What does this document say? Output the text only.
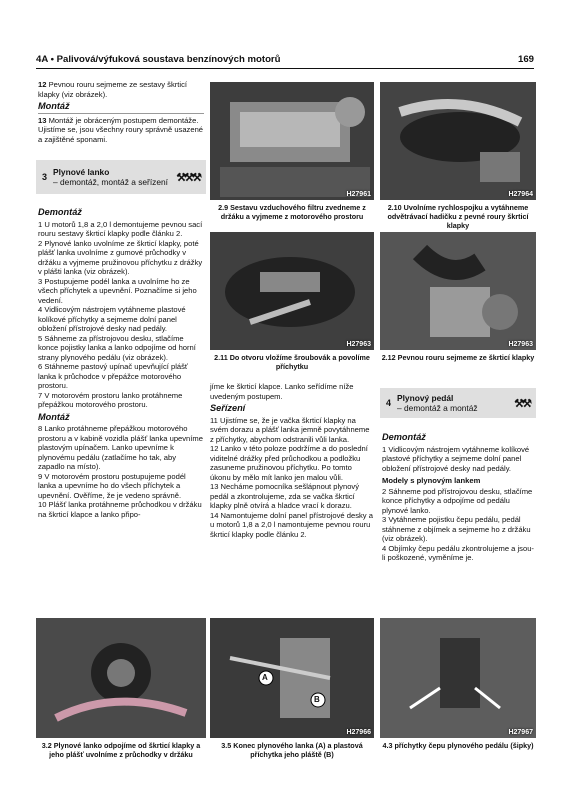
4A • Palivová/výfuková soustava benzínových motorů	169

12 Pevnou rouru sejmeme ze sestavy škrticí klapky (viz obrázek).

Montáž

13 Montáž je obráceným postupem demontáže. Ujistíme se, jsou všechny roury správně usazené a zajištěné sponami.

3 Plynové lanko
– demontáž, montáž a seřízení ⚒⚒⚒
Demontáž

1 U motorů 1,8 a 2,0 l demontujeme pevnou sací rouru sestavy škrticí klapky podle článku 2.

2 Plynové lanko uvolníme ze škrticí klapky, poté plášť lanka uvolníme z gumové průchodky v držáku a vyjmeme pružinovou příchytku z drážky v plášti lanka (viz obrázek).

3 Postupujeme podél lanka a uvolníme ho ze všech příchytek a upevnění. Poznačíme si jeho vedení.

4 Vidlicovým nástrojem vytáhneme plastové kolíkové příchytky a sejmeme dolní panel obložení přístrojové desky nad pedály.

5 Sáhneme za přístrojovou desku, stlačíme konce pojistky lanka a lanko odpojíme od horní strany plynového pedálu (viz obrázek).

6 Stáhneme pastový upínač upevňující plášť lanka k průchodce v přepážce motorového prostoru.

7 V motorovém prostoru lanko protáhneme přepážkou motorového prostoru.

Montáž

8 Lanko protáhneme přepážkou motorového prostoru a v kabině vozidla plášť lanka upevníme plastovým upínačem. Lanko upevníme k plynovému pedálu (zatlačíme ho tak, aby zapadlo na místo).

9 V motorovém prostoru postupujeme podél lanka a upevníme ho do všech příchytek a upevnění. Ověříme, že je vedeno správně.

10 Plášť lanka protáhneme průchodkou v držáku na škrticí klapce a lanko připo-

H27961
2.9 Sestavu vzduchového filtru zvedneme z držáku a vyjmeme z motorového prostoru
H27964
2.10 Uvolníme rychlospojku a vytáhneme odvětrávací hadičku z pevné roury škrticí klapky
H27963
2.11 Do otvoru vložíme šroubovák a povolíme příchytku
H27963
2.12 Pevnou rouru sejmeme ze škrticí klapky

jíme ke škrticí klapce. Lanko seřídíme níže uvedeným postupem.

Seřízení

11 Ujistíme se, že je vačka škrticí klapky na svém dorazu a plášť lanka jemně povytáhneme z příchytky, abychom odstranili vůli lanka.

12 Lanko v této poloze podržíme a do poslední viditelné drážky před průchodkou a podložku zasuneme pružinovou příchytku. Po tomto úkonu by mělo mít lanko jen malou vůli.

13 Necháme pomocníka sešlápnout plynový pedál a zkontrolujeme, zda se vačka škrticí klapky plně otvírá a hladce vrací k dorazu.

14 Namontujeme dolní panel přístrojové desky a u motorů 1,8 a 2,0 l namontujeme pevnou rouru škrticí klapky podle článku 2.

4 Plynový pedál
– demontáž a montáž	⚒⚒
Demontáž

1 Vidlicovým nástrojem vytáhneme kolíkové plastové příchytky a sejmeme dolní panel obložení přístrojové desky nad pedály.

Modely s plynovým lankem

2 Sáhneme pod přístrojovou desku, stlačíme konce příchytky a odpojíme od pedálu plynové lanko.

3 Vytáhneme pojistku čepu pedálu, pedál stáhneme z objímek a sejmeme ho z držáku (viz obrázek).

4 Objímky čepu pedálu zkontrolujeme a jsou-li poškozené, vyměníme je.

3.2 Plynové lanko odpojíme od škrticí klapky a jeho plášť uvolníme z průchodky v držáku
A
B
H27966
3.5 Konec plynového lanka (A) a plastová příchytka jeho pláště (B)
H27967
4.3 příchytky čepu plynového pedálu (šipky)
